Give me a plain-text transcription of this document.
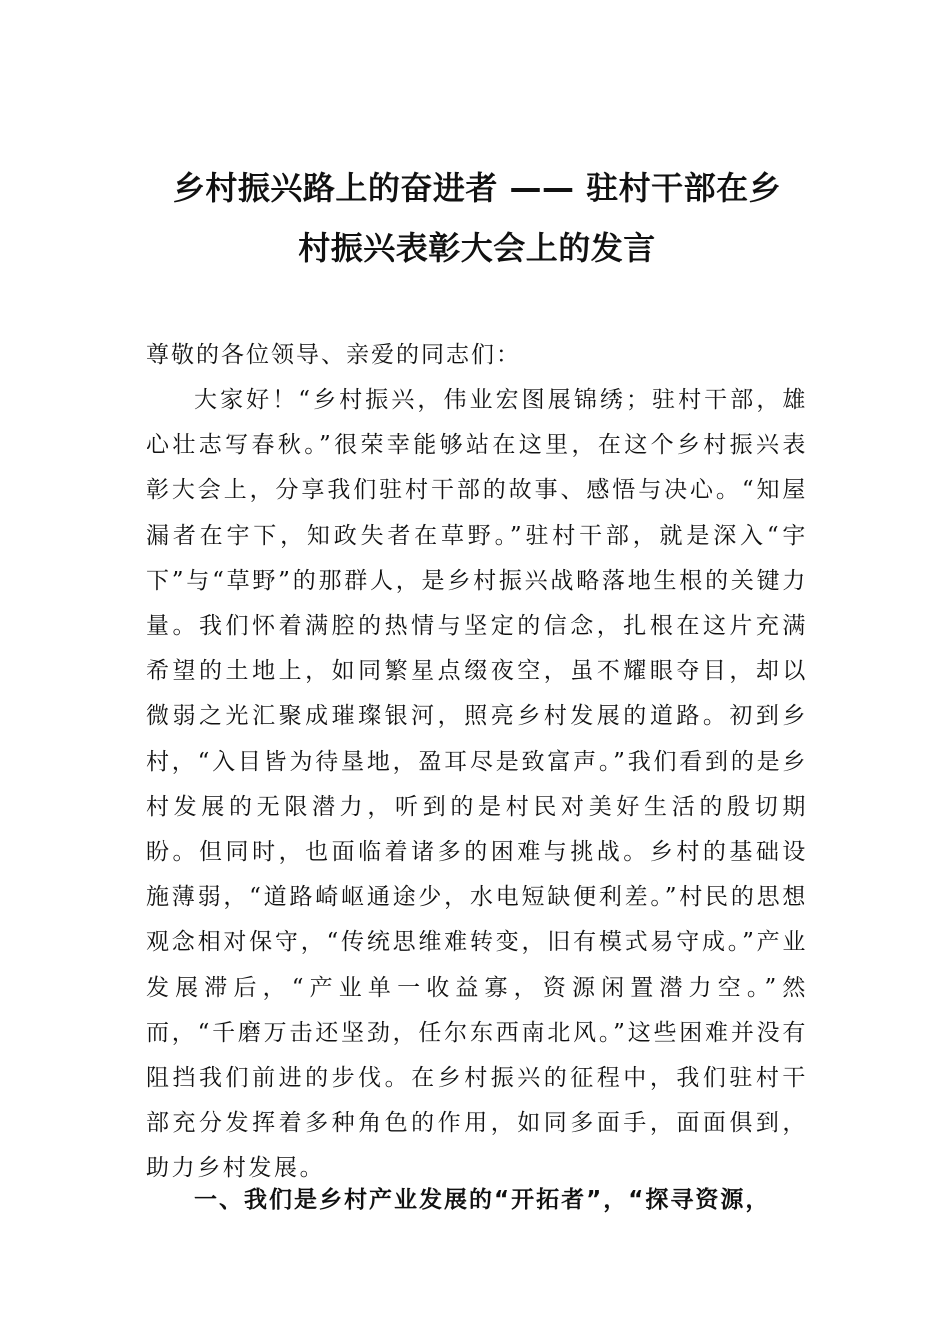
乡村振兴路上的奋进者 —— 驻村干部在乡
村振兴表彰大会上的发言

尊敬的各位领导、亲爱的同志们：

大家好！“乡村振兴，伟业宏图展锦绣；驻村干部，雄心壮志写春秋。”很荣幸能够站在这里，在这个乡村振兴表彰大会上，分享我们驻村干部的故事、感悟与决心。“知屋漏者在宇下，知政失者在草野。”驻村干部，就是深入“宇下”与“草野”的那群人，是乡村振兴战略落地生根的关键力量。我们怀着满腔的热情与坚定的信念，扎根在这片充满希望的土地上，如同繁星点缀夜空，虽不耀眼夺目，却以微弱之光汇聚成璀璨银河，照亮乡村发展的道路。初到乡村，“入目皆为待垦地，盈耳尽是致富声。”我们看到的是乡村发展的无限潜力，听到的是村民对美好生活的殷切期盼。但同时，也面临着诸多的困难与挑战。乡村的基础设施薄弱，“道路崎岖通途少，水电短缺便利差。”村民的思想观念相对保守，“传统思维难转变，旧有模式易守成。”产业发展滞后，“产业单一收益寡，资源闲置潜力空。”然而，“千磨万击还坚劲，任尔东西南北风。”这些困难并没有阻挡我们前进的步伐。在乡村振兴的征程中，我们驻村干部充分发挥着多种角色的作用，如同多面手，面面俱到，助力乡村发展。

一、我们是乡村产业发展的“开拓者”，“探寻资源，
